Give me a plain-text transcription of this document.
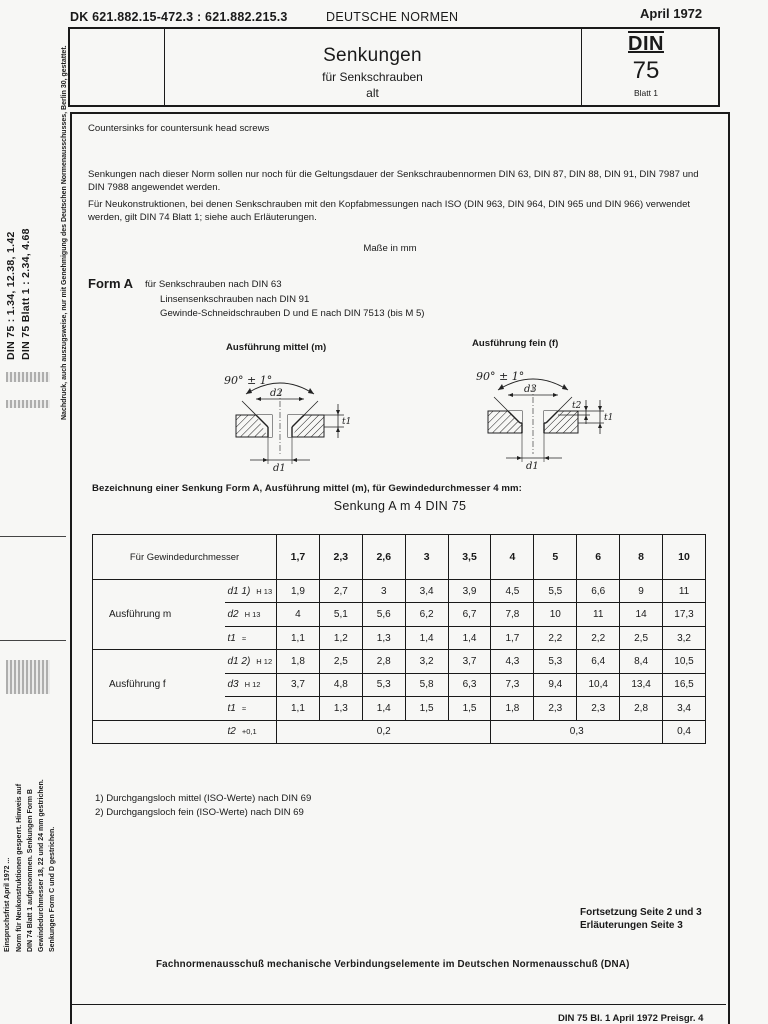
DK 621.882.15-472.3 : 621.882.215.3	DEUTSCHE NORMEN	April 1972
Senkungen
für Senkschrauben
alt
DIN
75
Blatt 1
Countersinks for countersunk head screws
Senkungen nach dieser Norm sollen nur noch für die Geltungsdauer der Senkschraubennormen DIN 63, DIN 87, DIN 88, DIN 91, DIN 7987 und DIN 7988 angewendet werden.
Für Neukonstruktionen, bei denen Senkschrauben mit den Kopfabmessungen nach ISO (DIN 963, DIN 964, DIN 965 und DIN 966) verwendet werden, gilt DIN 74 Blatt 1; siehe auch Erläuterungen.
Maße in mm
Form A für Senkschrauben nach DIN 63
Linsensenkschrauben nach DIN 91
Gewinde-Schneidschrauben D und E nach DIN 7513 (bis M 5)
Ausführung mittel (m)	Ausführung fein (f)
90° ± 1°
d2
d1
t1
90° ± 1°
d3
d1
t2
t1
Bezeichnung einer Senkung Form A, Ausführung mittel (m), für Gewindedurchmesser 4 mm:
Senkung A m 4 DIN 75
Für Gewindedurchmesser		1,7	2,3	2,6	3	3,5	4	5	6	8	10
Ausführung m	d1 1) H 13	1,9	2,7	3	3,4	3,9	4,5	5,5	6,6	9	11
	d2 H 13	4	5,1	5,6	6,2	6,7	7,8	10	11	14	17,3
	t1 ≈	1,1	1,2	1,3	1,4	1,4	1,7	2,2	2,2	2,5	3,2
Ausführung f	d1 2) H 12	1,8	2,5	2,8	3,2	3,7	4,3	5,3	6,4	8,4	10,5
	d3 H 12	3,7	4,8	5,3	5,8	6,3	7,3	9,4	10,4	13,4	16,5
	t1 ≈	1,1	1,3	1,4	1,5	1,5	1,8	2,3	2,3	2,8	3,4
	t2 +0,1	0,2					0,3				0,4
1) Durchgangsloch mittel (ISO-Werte) nach DIN 69
2) Durchgangsloch fein (ISO-Werte) nach DIN 69
Fortsetzung Seite 2 und 3
Erläuterungen Seite 3
Fachnormenausschuß mechanische Verbindungselemente im Deutschen Normenausschuß (DNA)
DIN 75 Bl. 1 April 1972 Preisgr. 4
DIN 75 : 1.34, 12.38, 1.42 DIN 75 Blatt 1 : 2.34, 4.68	Nachdruck, auch auszugsweise, nur mit Genehmigung des Deutschen Normenausschusses, Berlin 30, gestattet.
Einspruchsfrist April 1972 ... Norm für Neukonstruktionen gesperrt. Hinweis auf DIN 74 Blatt 1 aufgenommen. Senkungen Form B Gewindedurchmesser 18, 22 und 24 mm gestrichen. Senkungen Form C und D gestrichen.
